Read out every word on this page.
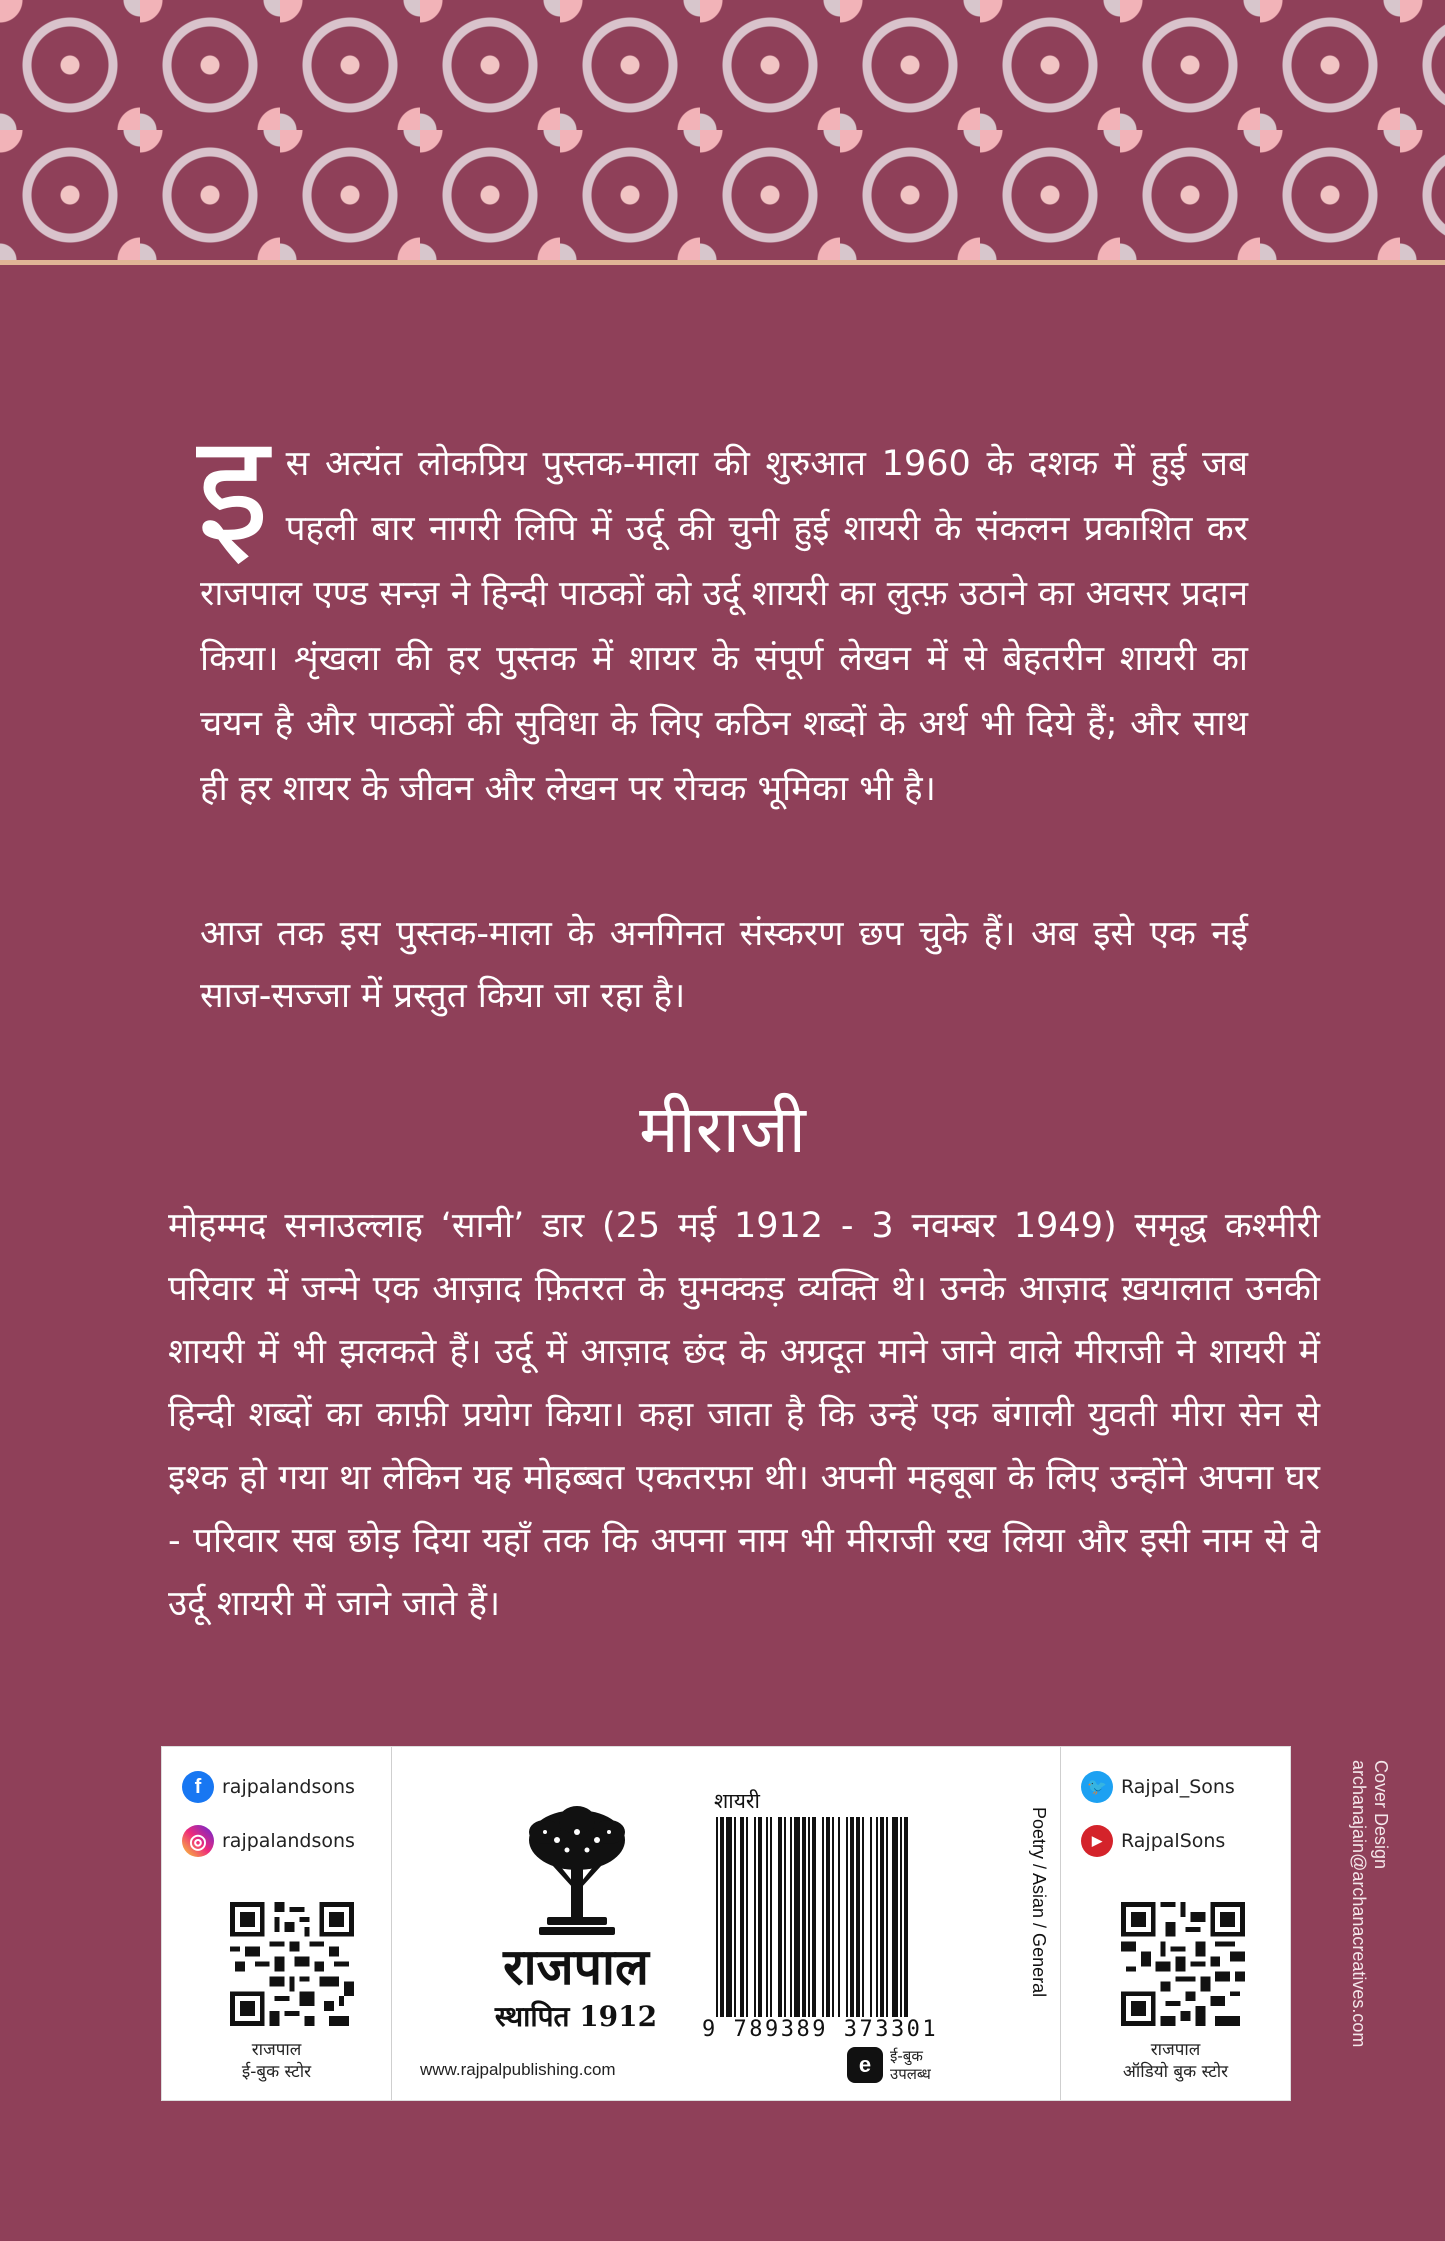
इस अत्यंत लोकप्रिय पुस्तक-माला की शुरुआत 1960 के दशक में हुई जब पहली बार नागरी लिपि में उर्दू की चुनी हुई शायरी के संकलन प्रकाशित कर राजपाल एण्ड सन्ज़ ने हिन्दी पाठकों को उर्दू शायरी का लुत्फ़ उठाने का अवसर प्रदान किया। शृंखला की हर पुस्तक में शायर के संपूर्ण लेखन में से बेहतरीन शायरी का चयन है और पाठकों की सुविधा के लिए कठिन शब्दों के अर्थ भी दिये हैं; और साथ ही हर शायर के जीवन और लेखन पर रोचक भूमिका भी है।

आज तक इस पुस्तक-माला के अनगिनत संस्करण छप चुके हैं। अब इसे एक नई साज-सज्जा में प्रस्तुत किया जा रहा है।

मीराजी

मोहम्मद सनाउल्लाह ‘सानी’ डार (25 मई 1912 - 3 नवम्बर 1949) समृद्ध कश्मीरी परिवार में जन्मे एक आज़ाद फ़ितरत के घुमक्कड़ व्यक्ति थे। उनके आज़ाद ख़यालात उनकी शायरी में भी झलकते हैं। उर्दू में आज़ाद छंद के अग्रदूत माने जाने वाले मीराजी ने शायरी में हिन्दी शब्दों का काफ़ी प्रयोग किया। कहा जाता है कि उन्हें एक बंगाली युवती मीरा सेन से इश्क हो गया था लेकिन यह मोहब्बत एकतरफ़ा थी। अपनी महबूबा के लिए उन्होंने अपना घर - परिवार सब छोड़ दिया यहाँ तक कि अपना नाम भी मीराजी रख लिया और इसी नाम से वे उर्दू शायरी में जाने जाते हैं।

f	rajpalandsons
◎ rajpalandsons
राजपाल
ई-बुक स्टोर
राजपाल
स्थापित 1912
www.rajpalpublishing.com
शायरी
9 789389 373301
Poetry / Asian / General
e	ई-बुक
उपलब्ध
🐦 Rajpal_Sons
▶	RajpalSons
राजपाल
ऑडियो बुक स्टोर
Cover Design
archanajain@archanacreatives.com
